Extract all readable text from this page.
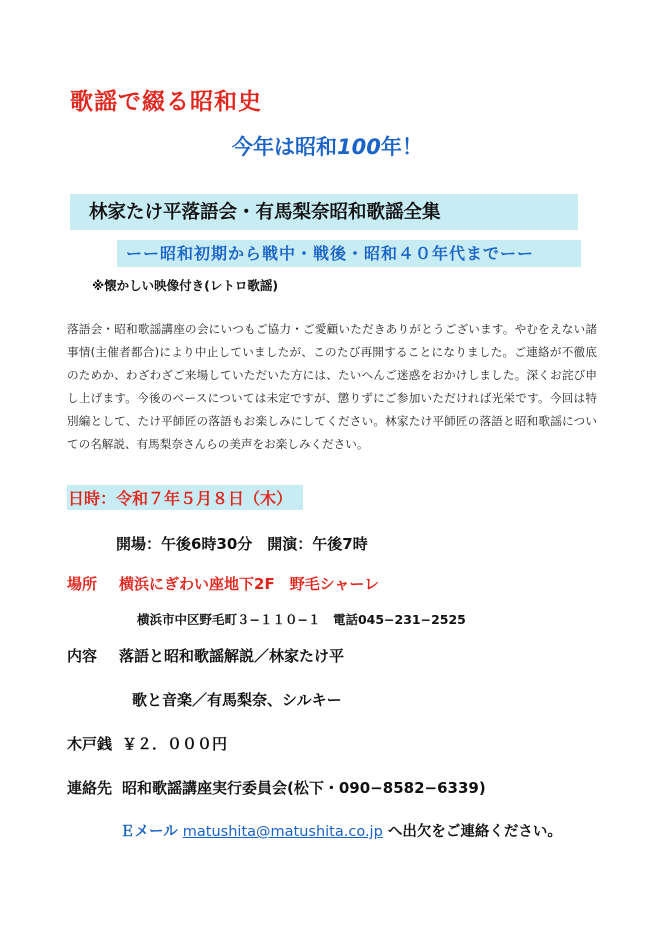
歌謡で綴る昭和史
今年は昭和100年！
林家たけ平落語会・有馬梨奈昭和歌謡全集
ーー昭和初期から戦中・戦後・昭和４０年代までーー
※懐かしい映像付き(レトロ歌謡)
落語会・昭和歌謡講座の会にいつもご協力・ご愛顧いただきありがとうございます。やむをえない諸事情(主催者都合)により中止していましたが、このたび再開することになりました。ご連絡が不徹底のためか、わざわざご来場していただいた方には、たいへんご迷惑をおかけしました。深くお詫び申し上げます。今後のベースについては未定ですが、懲りずにご参加いただければ光栄です。今回は特別編として、たけ平師匠の落語もお楽しみにしてください。林家たけ平師匠の落語と昭和歌謡についての名解説、有馬梨奈さんらの美声をお楽しみください。
日時：令和７年５月８日（木）
開場：午後6時30分　開演：午後7時
場所 横浜にぎわい座地下2F　野毛シャーレ
横浜市中区野毛町３−１１０−１　電話045−231−2525
内容 落語と昭和歌謡解説／林家たけ平
歌と音楽／有馬梨奈、シルキー
木戸銭 ￥２．０００円
連絡先 昭和歌謡講座実行委員会(松下・090−8582−6339)
Ｅメール matushita@matushita.co.jp へ出欠をご連絡ください。
